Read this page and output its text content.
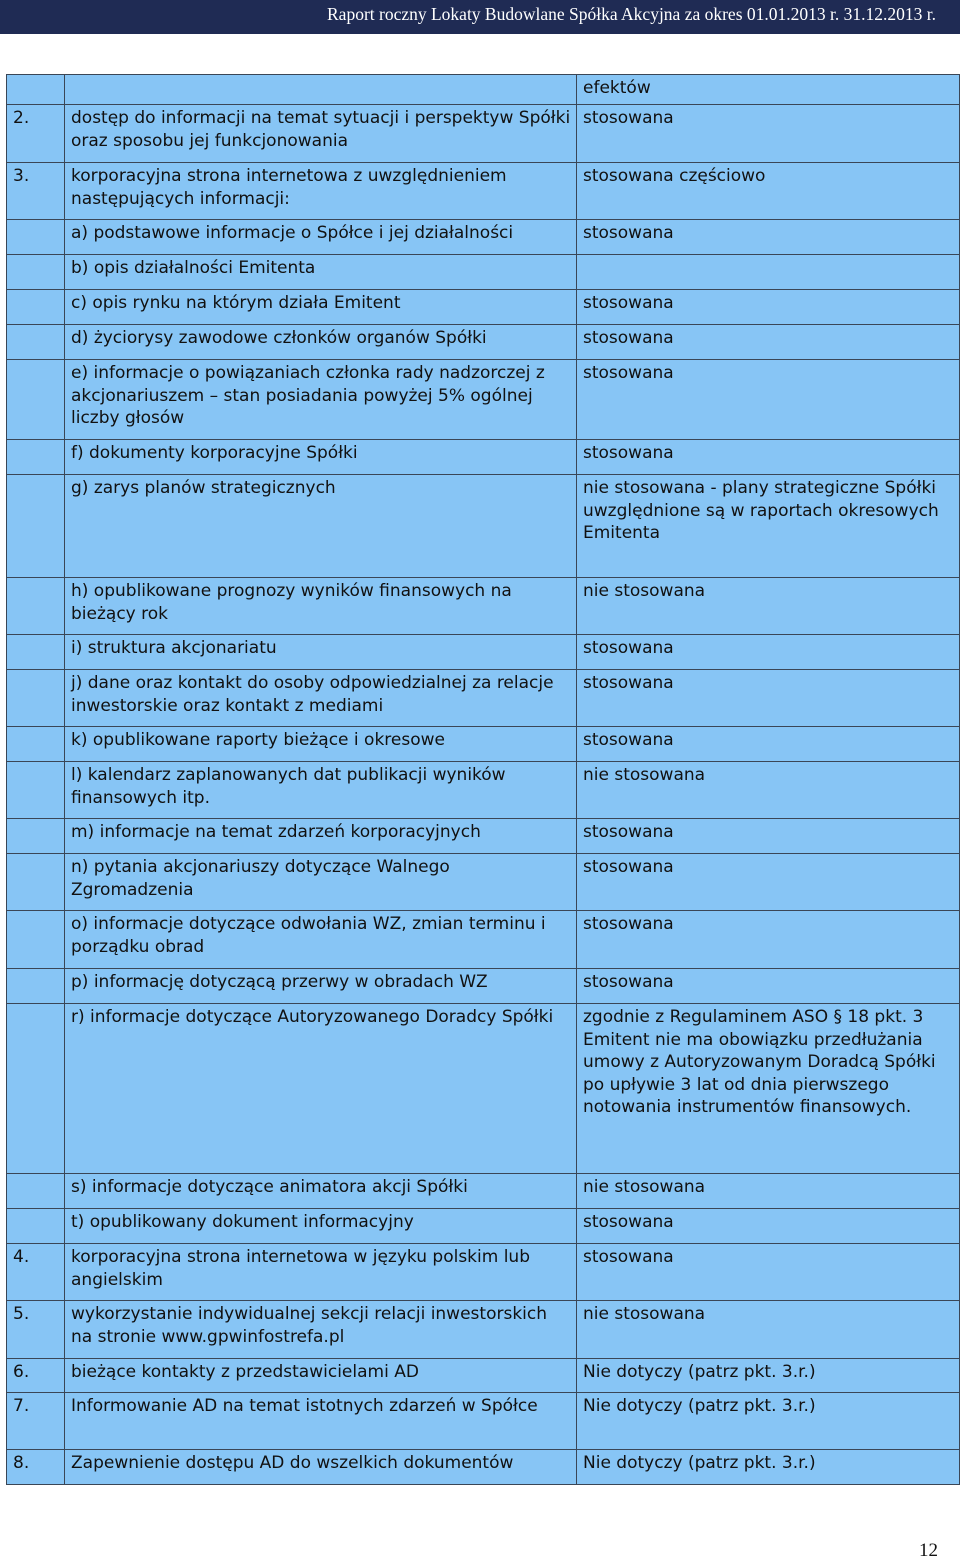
Raport roczny Lokaty Budowlane Spółka Akcyjna za okres 01.01.2013 r. 31.12.2013 r.
		efektów
2.	dostęp do informacji na temat sytuacji i perspektyw Spółki oraz sposobu jej funkcjonowania	stosowana
3.	korporacyjna strona internetowa z uwzględnieniem następujących informacji:	stosowana częściowo
	a) podstawowe informacje o Spółce i jej działalności	stosowana
	b) opis działalności Emitenta	
	c) opis rynku na którym działa Emitent	stosowana
	d) życiorysy zawodowe członków organów Spółki	stosowana
	e) informacje o powiązaniach członka rady nadzorczej z akcjonariuszem – stan posiadania powyżej 5% ogólnej liczby głosów	stosowana
	f) dokumenty korporacyjne Spółki	stosowana
	g) zarys planów strategicznych	nie stosowana - plany strategiczne Spółki uwzględnione są w raportach okresowych Emitenta
	h) opublikowane prognozy wyników finansowych na bieżący rok	nie stosowana
	i) struktura akcjonariatu	stosowana
	j) dane oraz kontakt do osoby odpowiedzialnej za relacje inwestorskie oraz kontakt z mediami	stosowana
	k) opublikowane raporty bieżące i okresowe	stosowana
	l) kalendarz zaplanowanych dat publikacji wyników finansowych itp.	nie stosowana
	m) informacje na temat zdarzeń korporacyjnych	stosowana
	n) pytania akcjonariuszy dotyczące Walnego Zgromadzenia	stosowana
	o) informacje dotyczące odwołania WZ, zmian terminu i porządku obrad	stosowana
	p) informację dotyczącą przerwy w obradach WZ	stosowana
	r) informacje dotyczące Autoryzowanego Doradcy Spółki	zgodnie z Regulaminem ASO § 18 pkt. 3 Emitent nie ma obowiązku przedłużania umowy z Autoryzowanym Doradcą Spółki po upływie 3 lat od dnia pierwszego notowania instrumentów finansowych.
	s) informacje dotyczące animatora akcji Spółki	nie stosowana
	t) opublikowany dokument informacyjny	stosowana
4.	korporacyjna strona internetowa w języku polskim lub angielskim	stosowana
5.	wykorzystanie indywidualnej sekcji relacji inwestorskich na stronie www.gpwinfostrefa.pl	nie stosowana
6.	bieżące kontakty z przedstawicielami AD	Nie dotyczy (patrz pkt. 3.r.)
7.	Informowanie AD na temat istotnych zdarzeń w Spółce	Nie dotyczy (patrz pkt. 3.r.)
8.	Zapewnienie dostępu AD do wszelkich dokumentów	Nie dotyczy (patrz pkt. 3.r.)
12
